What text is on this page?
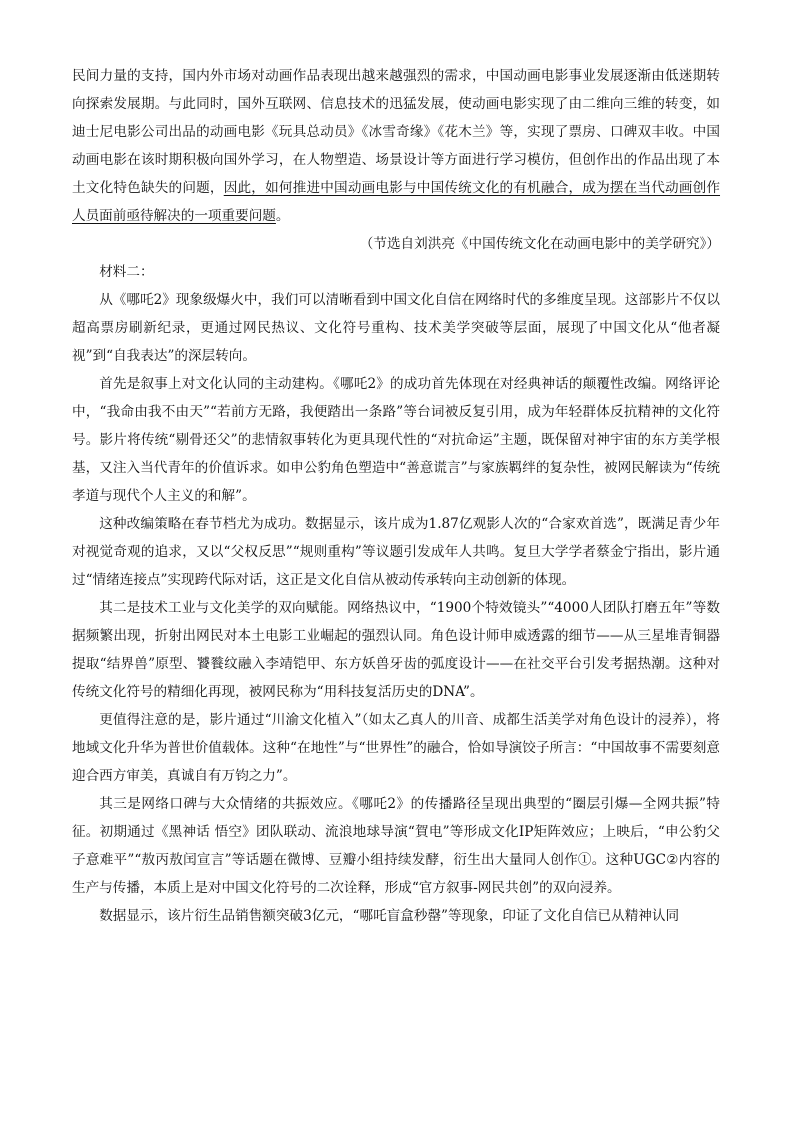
民间力量的支持，国内外市场对动画作品表现出越来越强烈的需求，中国动画电影事业发展逐渐由低迷期转向探索发展期。与此同时，国外互联网、信息技术的迅猛发展，使动画电影实现了由二维向三维的转变，如迪士尼电影公司出品的动画电影《玩具总动员》《冰雪奇缘》《花木兰》等，实现了票房、口碑双丰收。中国动画电影在该时期积极向国外学习，在人物塑造、场景设计等方面进行学习模仿，但创作出的作品出现了本土文化特色缺失的问题，因此，如何推进中国动画电影与中国传统文化的有机融合，成为摆在当代动画创作人员面前亟待解决的一项重要问题。

（节选自刘洪亮《中国传统文化在动画电影中的美学研究》）

材料二：

从《哪吒2》现象级爆火中，我们可以清晰看到中国文化自信在网络时代的多维度呈现。这部影片不仅以超高票房刷新纪录，更通过网民热议、文化符号重构、技术美学突破等层面，展现了中国文化从“他者凝视”到“自我表达”的深层转向。

首先是叙事上对文化认同的主动建构。《哪吒2》的成功首先体现在对经典神话的颠覆性改编。网络评论中，“我命由我不由天”“若前方无路，我便踏出一条路”等台词被反复引用，成为年轻群体反抗精神的文化符号。影片将传统“剔骨还父”的悲情叙事转化为更具现代性的“对抗命运”主题，既保留对神宇宙的东方美学根基，又注入当代青年的价值诉求。如申公豹角色塑造中“善意谎言”与家族羁绊的复杂性，被网民解读为“传统孝道与现代个人主义的和解”。

这种改编策略在春节档尤为成功。数据显示，该片成为1.87亿观影人次的“合家欢首选”，既满足青少年对视觉奇观的追求，又以“父权反思”“规则重构”等议题引发成年人共鸣。复旦大学学者蔡金宁指出，影片通过“情绪连接点”实现跨代际对话，这正是文化自信从被动传承转向主动创新的体现。

其二是技术工业与文化美学的双向赋能。网络热议中，“1900个特效镜头”“4000人团队打磨五年”等数据频繁出现，折射出网民对本土电影工业崛起的强烈认同。角色设计师申威透露的细节——从三星堆青铜器提取“结界兽”原型、饕餮纹融入李靖铠甲、东方妖兽牙齿的弧度设计——在社交平台引发考据热潮。这种对传统文化符号的精细化再现，被网民称为“用科技复活历史的DNA”。

更值得注意的是，影片通过“川渝文化植入”（如太乙真人的川音、成都生活美学对角色设计的浸养），将地域文化升华为普世价值载体。这种“在地性”与“世界性”的融合，恰如导演饺子所言：“中国故事不需要刻意迎合西方审美，真诚自有万钧之力”。

其三是网络口碑与大众情绪的共振效应。《哪吒2》的传播路径呈现出典型的“圈层引爆—全网共振”特征。初期通过《黑神话 悟空》团队联动、流浪地球导演“賀电”等形成文化IP矩阵效应；上映后，“申公豹父子意难平”“敖丙敖闰宣言”等话题在微博、豆瓣小组持续发酵，衍生出大量同人创作①。这种UGC②内容的生产与传播，本质上是对中国文化符号的二次诠释，形成“官方叙事-网民共创”的双向浸养。

数据显示，该片衍生品销售额突破3亿元，“哪吒盲盒秒罄”等现象，印证了文化自信已从精神认同
